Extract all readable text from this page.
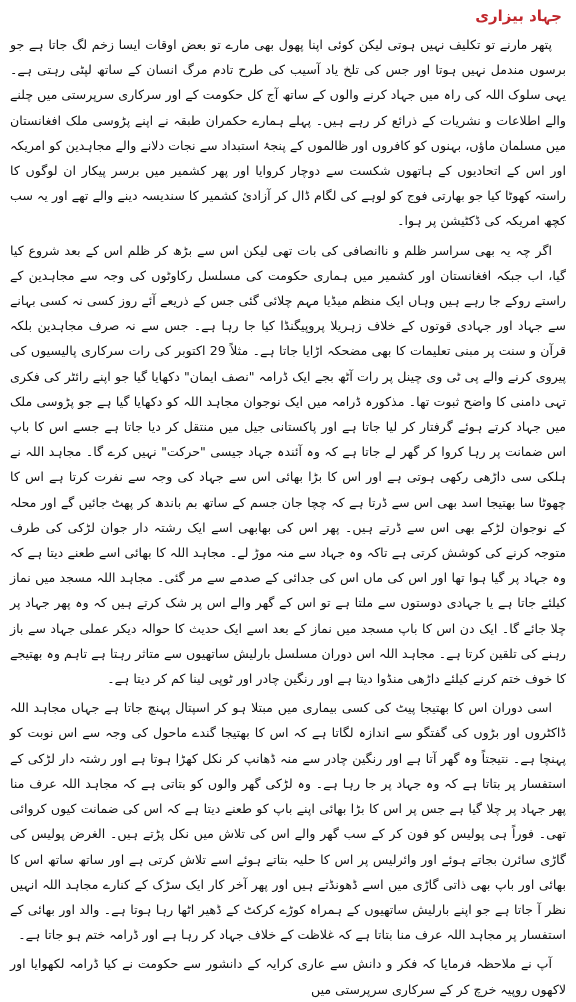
جہاد بیزاری

پتھر مارنے تو تکلیف نہیں ہوتی لیکن کوئی اپنا پھول بھی مارے تو بعض اوقات ایسا زخم لگ جاتا ہے جو برسوں مندمل نہیں ہوتا اور جس کی تلخ یاد آسیب کی طرح تادم مرگ انسان کے ساتھ لپٹی رہتی ہے۔ یہی سلوک اللہ کی راہ میں جہاد کرنے والوں کے ساتھ آج کل حکومت کے اور سرکاری سرپرستی میں چلنے والے اطلاعات و نشریات کے ذرائع کر رہے ہیں۔ پہلے ہمارے حکمران طبقہ نے اپنے پڑوسی ملک افغانستان میں مسلمان ماؤں، بہنوں کو کافروں اور ظالموں کے پنجۂ استبداد سے نجات دلانے والے مجاہدین کو امریکہ اور اس کے اتحادیوں کے ہاتھوں شکست سے دوچار کروایا اور پھر کشمیر میں برسر پیکار ان لوگوں کا راستہ کھوٹا کیا جو بھارتی فوج کو لوہے کی لگام ڈال کر آزادئ کشمیر کا سندیسہ دینے والے تھے اور یہ سب کچھ امریکہ کی ڈکٹیشن پر ہوا۔

اگر چہ یہ بھی سراسر ظلم و ناانصافی کی بات تھی لیکن اس سے بڑھ کر ظلم اس کے بعد شروع کیا گیا، اب جبکہ افغانستان اور کشمیر میں ہماری حکومت کی مسلسل رکاوٹوں کی وجہ سے مجاہدین کے راستے روکے جا رہے ہیں وہاں ایک منظم میڈیا مہم چلائی گئی جس کے ذریعے آئے روز کسی نہ کسی بہانے سے جہاد اور جہادی قوتوں کے خلاف زہریلا پروپیگنڈا کیا جا رہا ہے۔ جس سے نہ صرف مجاہدین بلکہ قرآن و سنت پر مبنی تعلیمات کا بھی مضحکہ اڑایا جاتا ہے۔ مثلاً 29 اکتوبر کی رات سرکاری پالیسیوں کی پیروی کرنے والے پی ٹی وی چینل پر رات آٹھ بجے ایک ڈرامہ "نصف ایمان" دکھایا گیا جو اپنے رائٹر کی فکری تہی دامنی کا واضح ثبوت تھا۔ مذکورہ ڈرامہ میں ایک نوجوان مجاہد اللہ کو دکھایا گیا ہے جو پڑوسی ملک میں جہاد کرتے ہوئے گرفتار کر لیا جاتا ہے اور پاکستانی جیل میں منتقل کر دیا جاتا ہے جسے اس کا باپ اس ضمانت پر رہا کروا کر گھر لے جاتا ہے کہ وہ آئندہ جہاد جیسی "حرکت" نہیں کرے گا۔ مجاہد اللہ نے ہلکی سی داڑھی رکھی ہوتی ہے اور اس کا بڑا بھائی اس سے جہاد کی وجہ سے نفرت کرتا ہے اس کا چھوٹا سا بھتیجا اسد بھی اس سے ڈرتا ہے کہ چچا جان جسم کے ساتھ بم باندھ کر پھٹ جائیں گے اور محلہ کے نوجوان لڑکے بھی اس سے ڈرتے ہیں۔ پھر اس کی بھابھی اسے ایک رشتہ دار جوان لڑکی کی طرف متوجہ کرنے کی کوشش کرتی ہے تاکہ وہ جہاد سے منہ موڑ لے۔ مجاہد اللہ کا بھائی اسے طعنے دیتا ہے کہ وہ جہاد پر گیا ہوا تھا اور اس کی ماں اس کی جدائی کے صدمے سے مر گئی۔ مجاہد اللہ مسجد میں نماز کیلئے جاتا ہے یا جہادی دوستوں سے ملتا ہے تو اس کے گھر والے اس پر شک کرتے ہیں کہ وہ پھر جہاد پر چلا جائے گا۔ ایک دن اس کا باپ مسجد میں نماز کے بعد اسے ایک حدیث کا حوالہ دیکر عملی جہاد سے باز رہنے کی تلقین کرتا ہے۔ مجاہد اللہ اس دوران مسلسل بارلیش ساتھیوں سے متاثر رہتا ہے تاہم وہ بھتیجے کا خوف ختم کرنے کیلئے داڑھی منڈوا دیتا ہے اور رنگین چادر اور ٹوپی لینا کم کر دیتا ہے۔

اسی دوران اس کا بھتیجا پیٹ کی کسی بیماری میں مبتلا ہو کر اسپتال پہنچ جاتا ہے جہاں مجاہد اللہ ڈاکٹروں اور بڑوں کی گفتگو سے اندازہ لگاتا ہے کہ اس کا بھتیجا گندے ماحول کی وجہ سے اس نوبت کو پہنچا ہے۔ نتیجتاً وہ گھر آتا ہے اور رنگین چادر سے منہ ڈھانپ کر نکل کھڑا ہوتا ہے اور رشتہ دار لڑکی کے استفسار پر بتاتا ہے کہ وہ جہاد پر جا رہا ہے۔ وہ لڑکی گھر والوں کو بتاتی ہے کہ مجاہد اللہ عرف منا پھر جہاد پر چلا گیا ہے جس پر اس کا بڑا بھائی اپنے باپ کو طعنے دیتا ہے کہ اس کی ضمانت کیوں کروائی تھی۔ فوراً ہی پولیس کو فون کر کے سب گھر والے اس کی تلاش میں نکل پڑتے ہیں۔ الغرض پولیس کی گاڑی سائرن بجاتے ہوئے اور وائرلیس پر اس کا حلیہ بتاتے ہوئے اسے تلاش کرتی ہے اور ساتھ ساتھ اس کا بھائی اور باپ بھی ذاتی گاڑی میں اسے ڈھونڈتے ہیں اور پھر آخر کار ایک سڑک کے کنارے مجاہد اللہ انہیں نظر آ جاتا ہے جو اپنے بارلیش ساتھیوں کے ہمراہ کوڑے کرکٹ کے ڈھیر اٹھا رہا ہوتا ہے۔ والد اور بھائی کے استفسار پر مجاہد اللہ عرف منا بتاتا ہے کہ غلاظت کے خلاف جہاد کر رہا ہے اور ڈرامہ ختم ہو جاتا ہے۔

آپ نے ملاحظہ فرمایا کہ فکر و دانش سے عاری کرایہ کے دانشور سے حکومت نے کیا ڈرامہ لکھوایا اور لاکھوں روپیہ خرچ کر کے سرکاری سرپرستی میں
